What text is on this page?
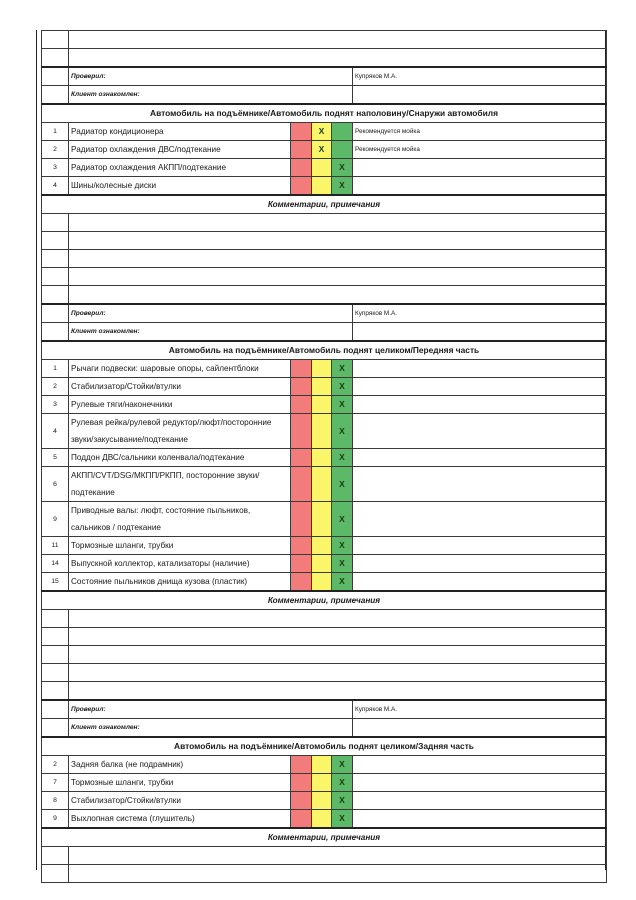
	Проверил:				Купряков М.А.
	Клиент ознакомлен:				
Автомобиль на подъёмнике/Автомобиль поднят наполовину/Снаружи автомобиля					
1	Радиатор кондиционера		X		Рекомендуется мойка
2	Радиатор охлаждения ДВС/подтекание		X		Рекомендуется мойка
3	Радиатор охлаждения АКПП/подтекание			X	
4	Шины/колесные диски			X	
Комментарии, примечания					

	Проверил:				Купряков М.А.
	Клиент ознакомлен:				
Автомобиль на подъёмнике/Автомобиль поднят целиком/Передняя часть					
1	Рычаги подвески: шаровые опоры, сайлентблоки			X	
2	Стабилизатор/Стойки/втулки			X	
3	Рулевые тяги/наконечники			X	
4	Рулевая рейка/рулевой редуктор/люфт/посторонние звуки/закусывание/подтекание			X	
5	Поддон ДВС/сальники коленвала/подтекание			X	
6	АКПП/CVT/DSG/МКПП/РКПП, посторонние звуки/ подтекание			X	
9	Приводные валы: люфт, состояние пыльников, сальников / подтекание			X	
11	Тормозные шланги, трубки			X	
14	Выпускной коллектор, катализаторы (наличие)			X	
15	Состояние пыльников днища кузова (пластик)			X	
Комментарии, примечания					

	Проверил:				Купряков М.А.
	Клиент ознакомлен:				
Автомобиль на подъёмнике/Автомобиль поднят целиком/Задняя часть					
2	Задняя балка (не подрамник)			X	
7	Тормозные шланги, трубки			X	
8	Стабилизатор/Стойки/втулки			X	
9	Выхлопная система (глушитель)			X	
Комментарии, примечания					
